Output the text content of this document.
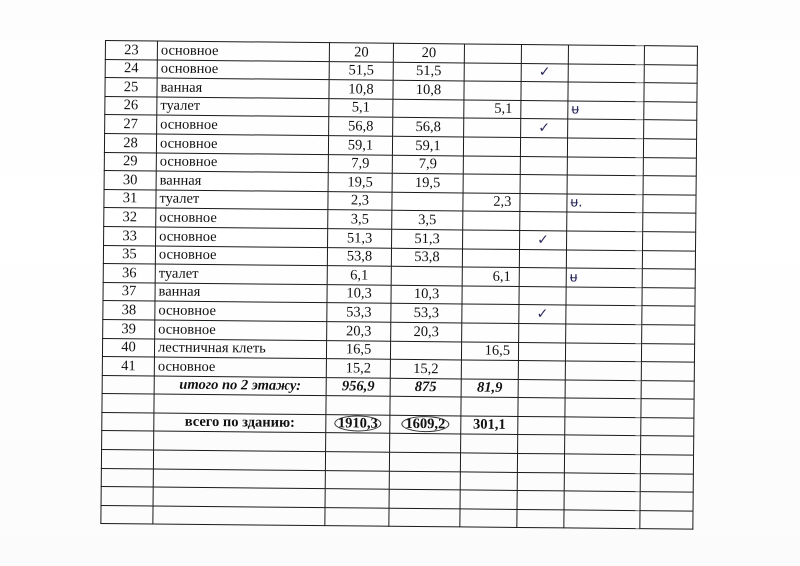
23	основное	20	20				
24	основное	51,5	51,5		✓		
25	ванная	10,8	10,8				
26	туалет	5,1		5,1		ᵾ	
27	основное	56,8	56,8		✓		
28	основное	59,1	59,1				
29	основное	7,9	7,9				
30	ванная	19,5	19,5				
31	туалет	2,3		2,3		ᵾ.	
32	основное	3,5	3,5				
33	основное	51,3	51,3		✓		
35	основное	53,8	53,8				
36	туалет	6,1		6,1		ᵾ	
37	ванная	10,3	10,3				
38	основное	53,3	53,3		✓		
39	основное	20,3	20,3				
40	лестничная клеть	16,5		16,5			
41	основное	15,2	15,2				
	итого по 2 этажу:	956,9	875	81,9			

	всего по зданию:	1910,3	1609,2	301,1			
